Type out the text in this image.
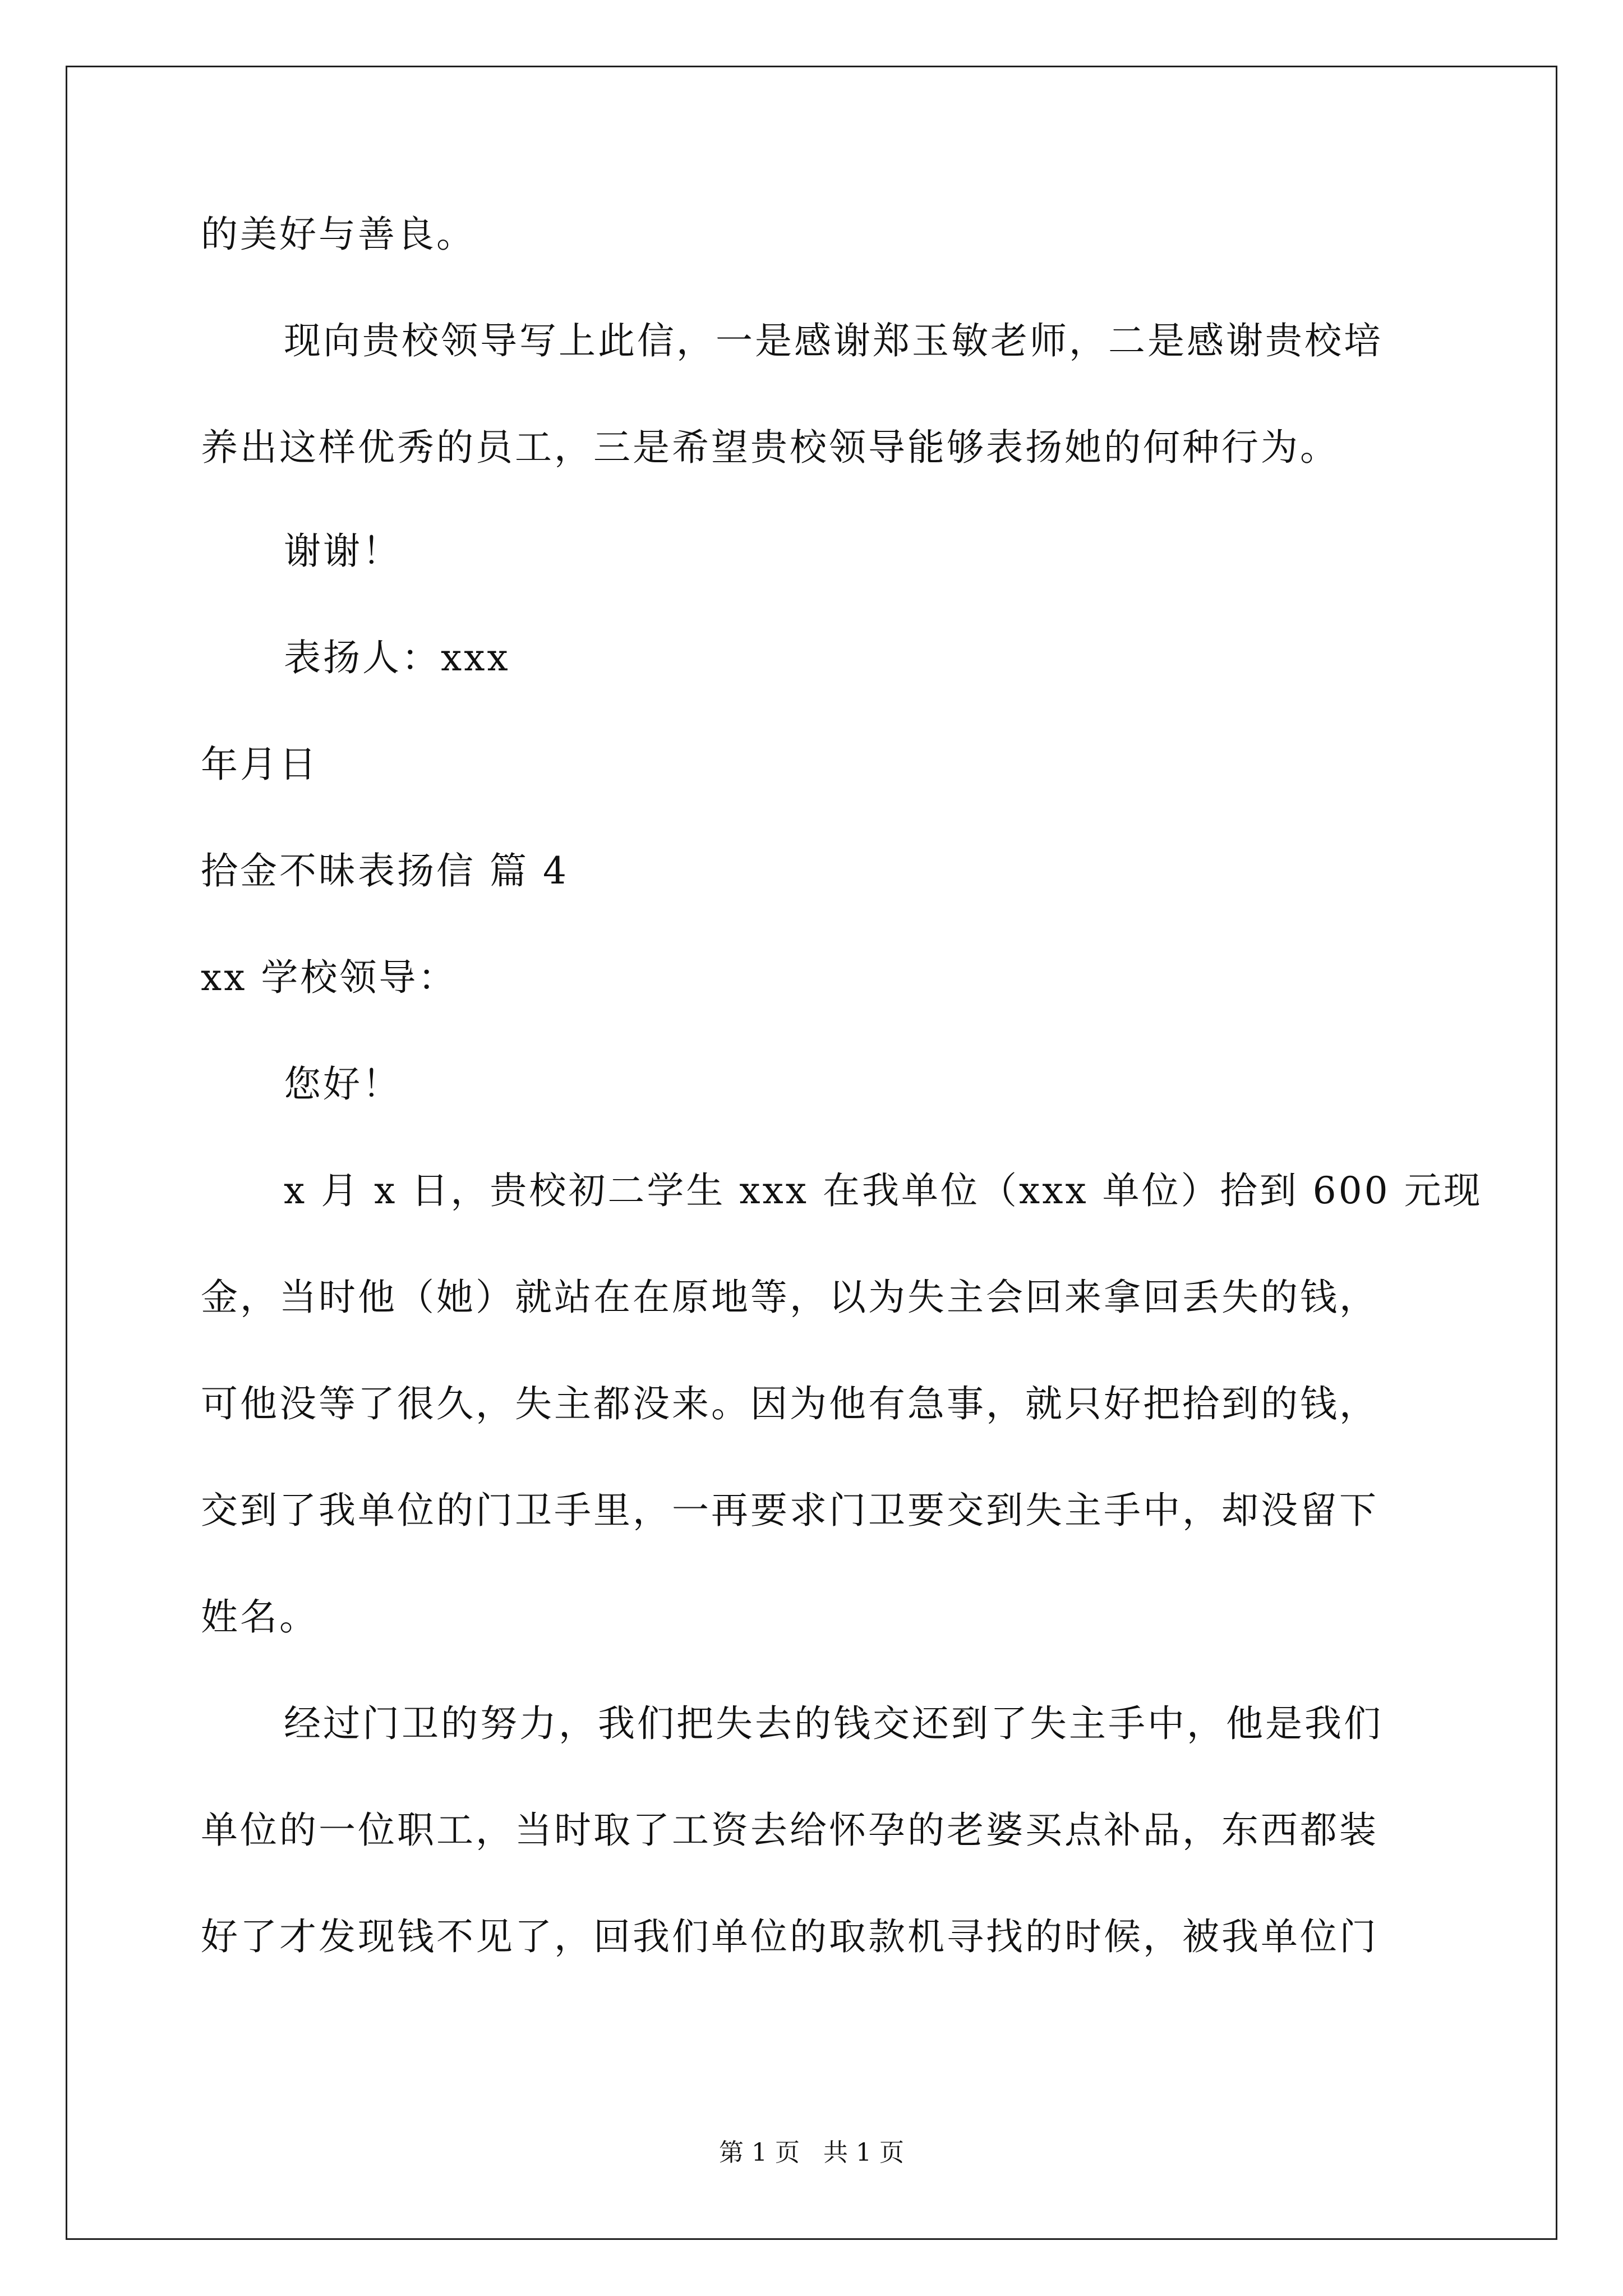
的美好与善良。
现向贵校领导写上此信，一是感谢郑玉敏老师，二是感谢贵校培
养出这样优秀的员工，三是希望贵校领导能够表扬她的何种行为。
谢谢！
表扬人：xxx
年月日
拾金不昧表扬信 篇 4
xx 学校领导：
您好！
x 月 x 日，贵校初二学生 xxx 在我单位（xxx 单位）拾到 600 元现
金，当时他（她）就站在在原地等，以为失主会回来拿回丢失的钱，
可他没等了很久，失主都没来。因为他有急事，就只好把拾到的钱，
交到了我单位的门卫手里，一再要求门卫要交到失主手中，却没留下
姓名。
经过门卫的努力，我们把失去的钱交还到了失主手中，他是我们
单位的一位职工，当时取了工资去给怀孕的老婆买点补品，东西都装
好了才发现钱不见了，回我们单位的取款机寻找的时候，被我单位门
第 1 页   共 1 页
